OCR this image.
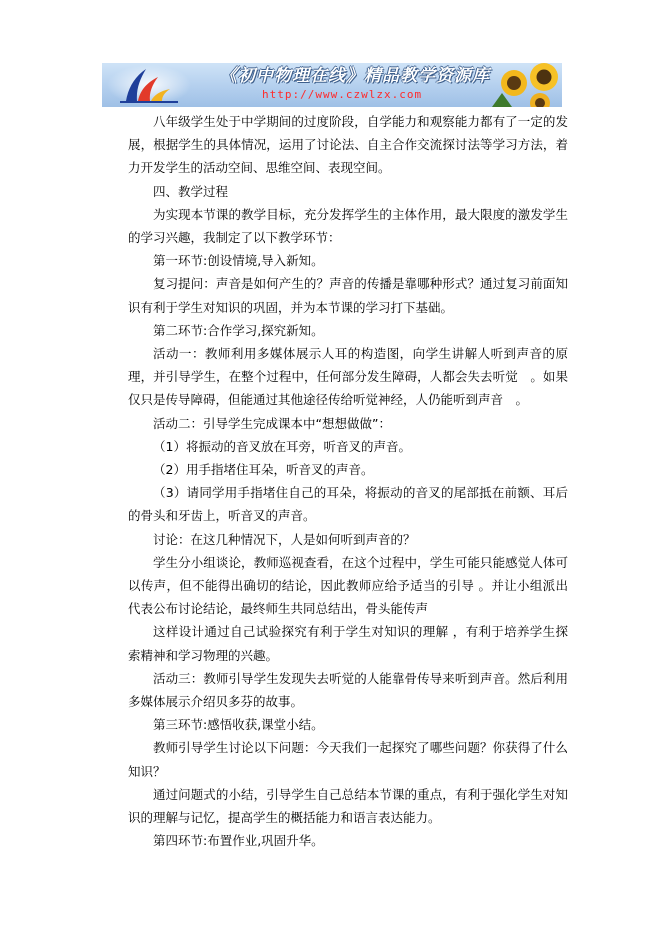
《初中物理在线》精品教学资源库
http://www.czwlzx.com

八年级学生处于中学期间的过度阶段，自学能力和观察能力都有了一定的发展，根据学生的具体情况，运用了讨论法、自主合作交流探讨法等学习方法，着力开发学生的活动空间、思维空间、表现空间。

四、教学过程

为实现本节课的教学目标，充分发挥学生的主体作用，最大限度的激发学生的学习兴趣，我制定了以下教学环节：

第一环节:创设情境,导入新知。

复习提问：声音是如何产生的？声音的传播是靠哪种形式？通过复习前面知识有利于学生对知识的巩固，并为本节课的学习打下基础。

第二环节:合作学习,探究新知。

活动一：教师利用多媒体展示人耳的构造图，向学生讲解人听到声音的原理，并引导学生，在整个过程中，任何部分发生障碍，人都会失去听觉　。如果仅只是传导障碍，但能通过其他途径传给听觉神经，人仍能听到声音　。

活动二：引导学生完成课本中“想想做做”：

（1）将振动的音叉放在耳旁，听音叉的声音。

（2）用手指堵住耳朵，听音叉的声音。

（3）请同学用手指堵住自己的耳朵，将振动的音叉的尾部抵在前额、耳后的骨头和牙齿上，听音叉的声音。

讨论：在这几种情况下，人是如何听到声音的？

学生分小组谈论，教师巡视查看，在这个过程中，学生可能只能感觉人体可以传声，但不能得出确切的结论，因此教师应给予适当的引导 。并让小组派出代表公布讨论结论，最终师生共同总结出，骨头能传声

这样设计通过自己试验探究有利于学生对知识的理解 ，有利于培养学生探索精神和学习物理的兴趣。

活动三：教师引导学生发现失去听觉的人能靠骨传导来听到声音。然后利用多媒体展示介绍贝多芬的故事。

第三环节:感悟收获,课堂小结。

教师引导学生讨论以下问题：今天我们一起探究了哪些问题？你获得了什么知识？

通过问题式的小结，引导学生自己总结本节课的重点，有利于强化学生对知识的理解与记忆，提高学生的概括能力和语言表达能力。

第四环节:布置作业,巩固升华。
